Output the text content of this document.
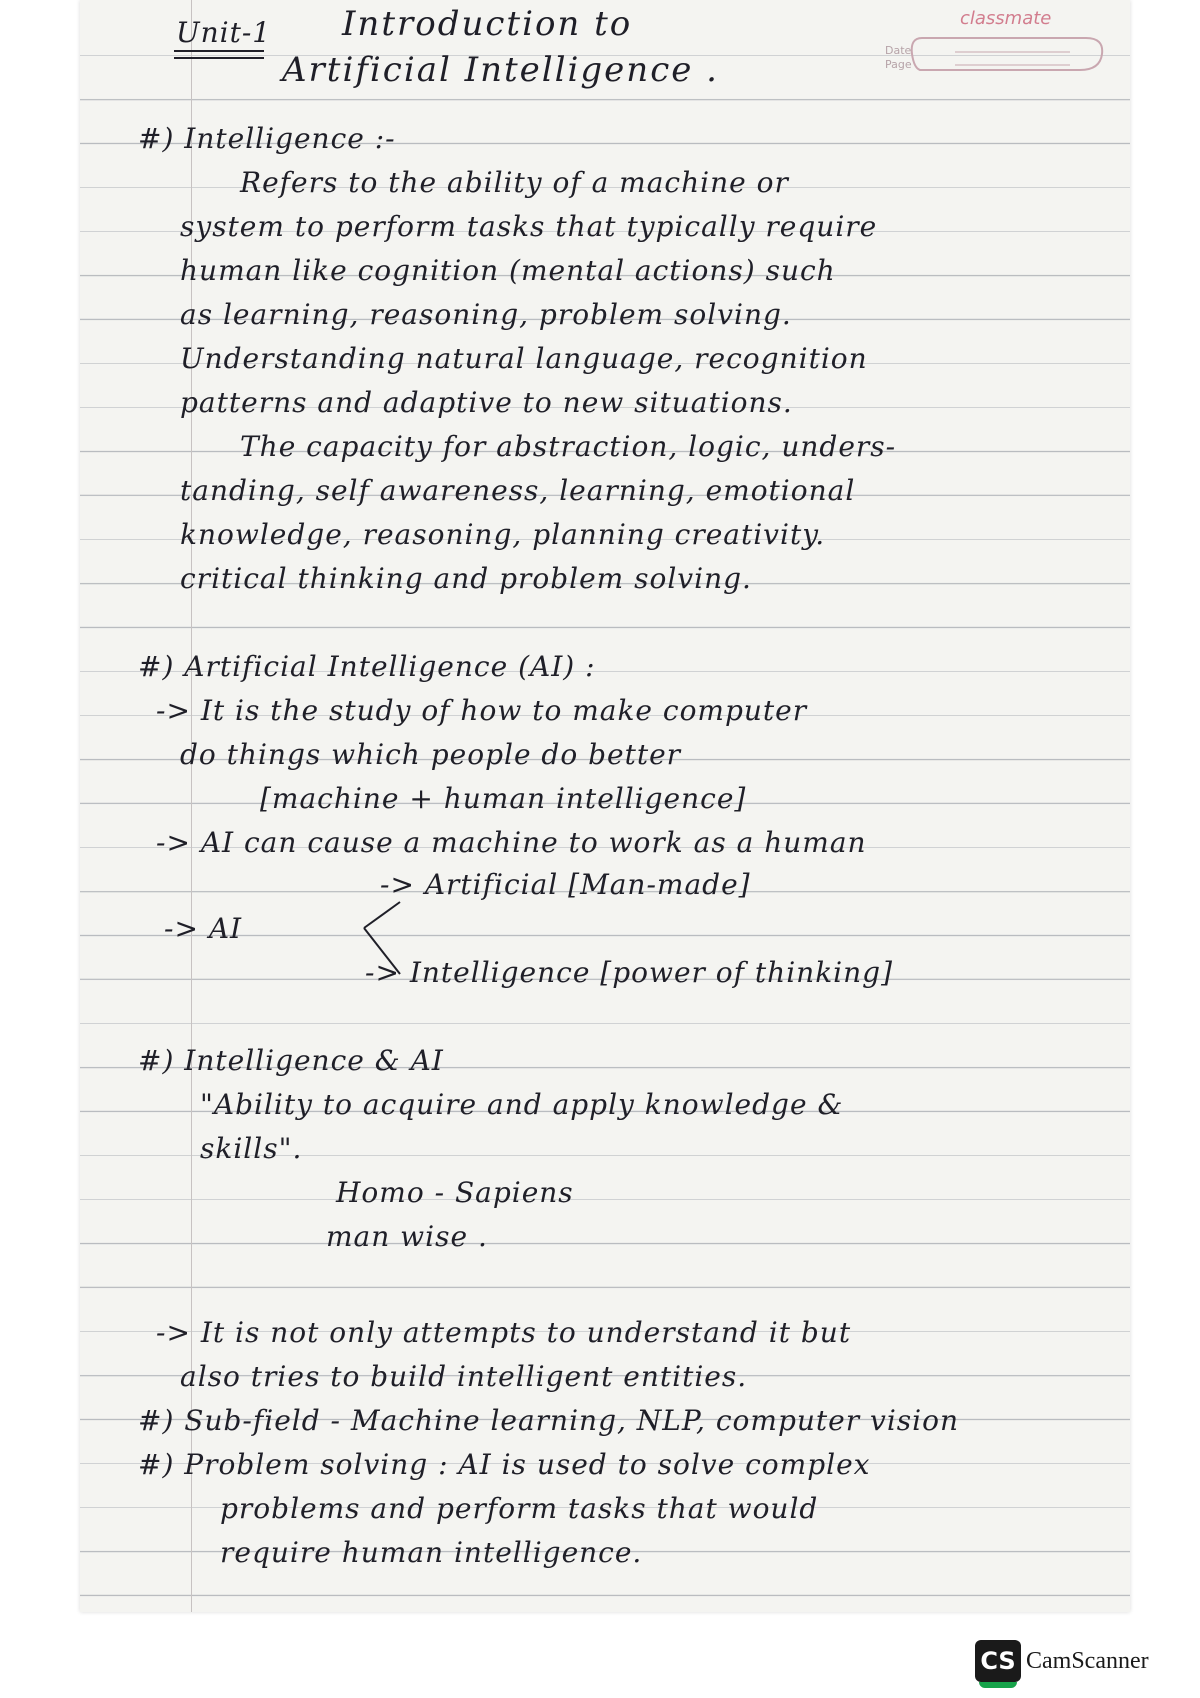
classmate
Date
Page
Unit-1 Introduction to
Artificial Intelligence .
#) Intelligence :-
Refers to the ability of a machine or
system to perform tasks that typically require
human like cognition (mental actions) such
as learning, reasoning, problem solving.
Understanding natural language, recognition
patterns and adaptive to new situations.
The capacity for abstraction, logic, unders-
tanding, self awareness, learning, emotional
knowledge, reasoning, planning creativity.
critical thinking and problem solving.
#) Artificial Intelligence (AI) :
-> It is the study of how to make computer
do things which people do better
[machine + human intelligence]
-> AI can cause a machine to work as a human
-> Artificial [Man-made]
-> AI
-> Intelligence [power of thinking]
#) Intelligence & AI
"Ability to acquire and apply knowledge &
skills".
Homo - Sapiens
man wise .
-> It is not only attempts to understand it but
also tries to build intelligent entities.
#) Sub-field - Machine learning, NLP, computer vision
#) Problem solving : AI is used to solve complex
problems and perform tasks that would
require human intelligence.
CS CamScanner
